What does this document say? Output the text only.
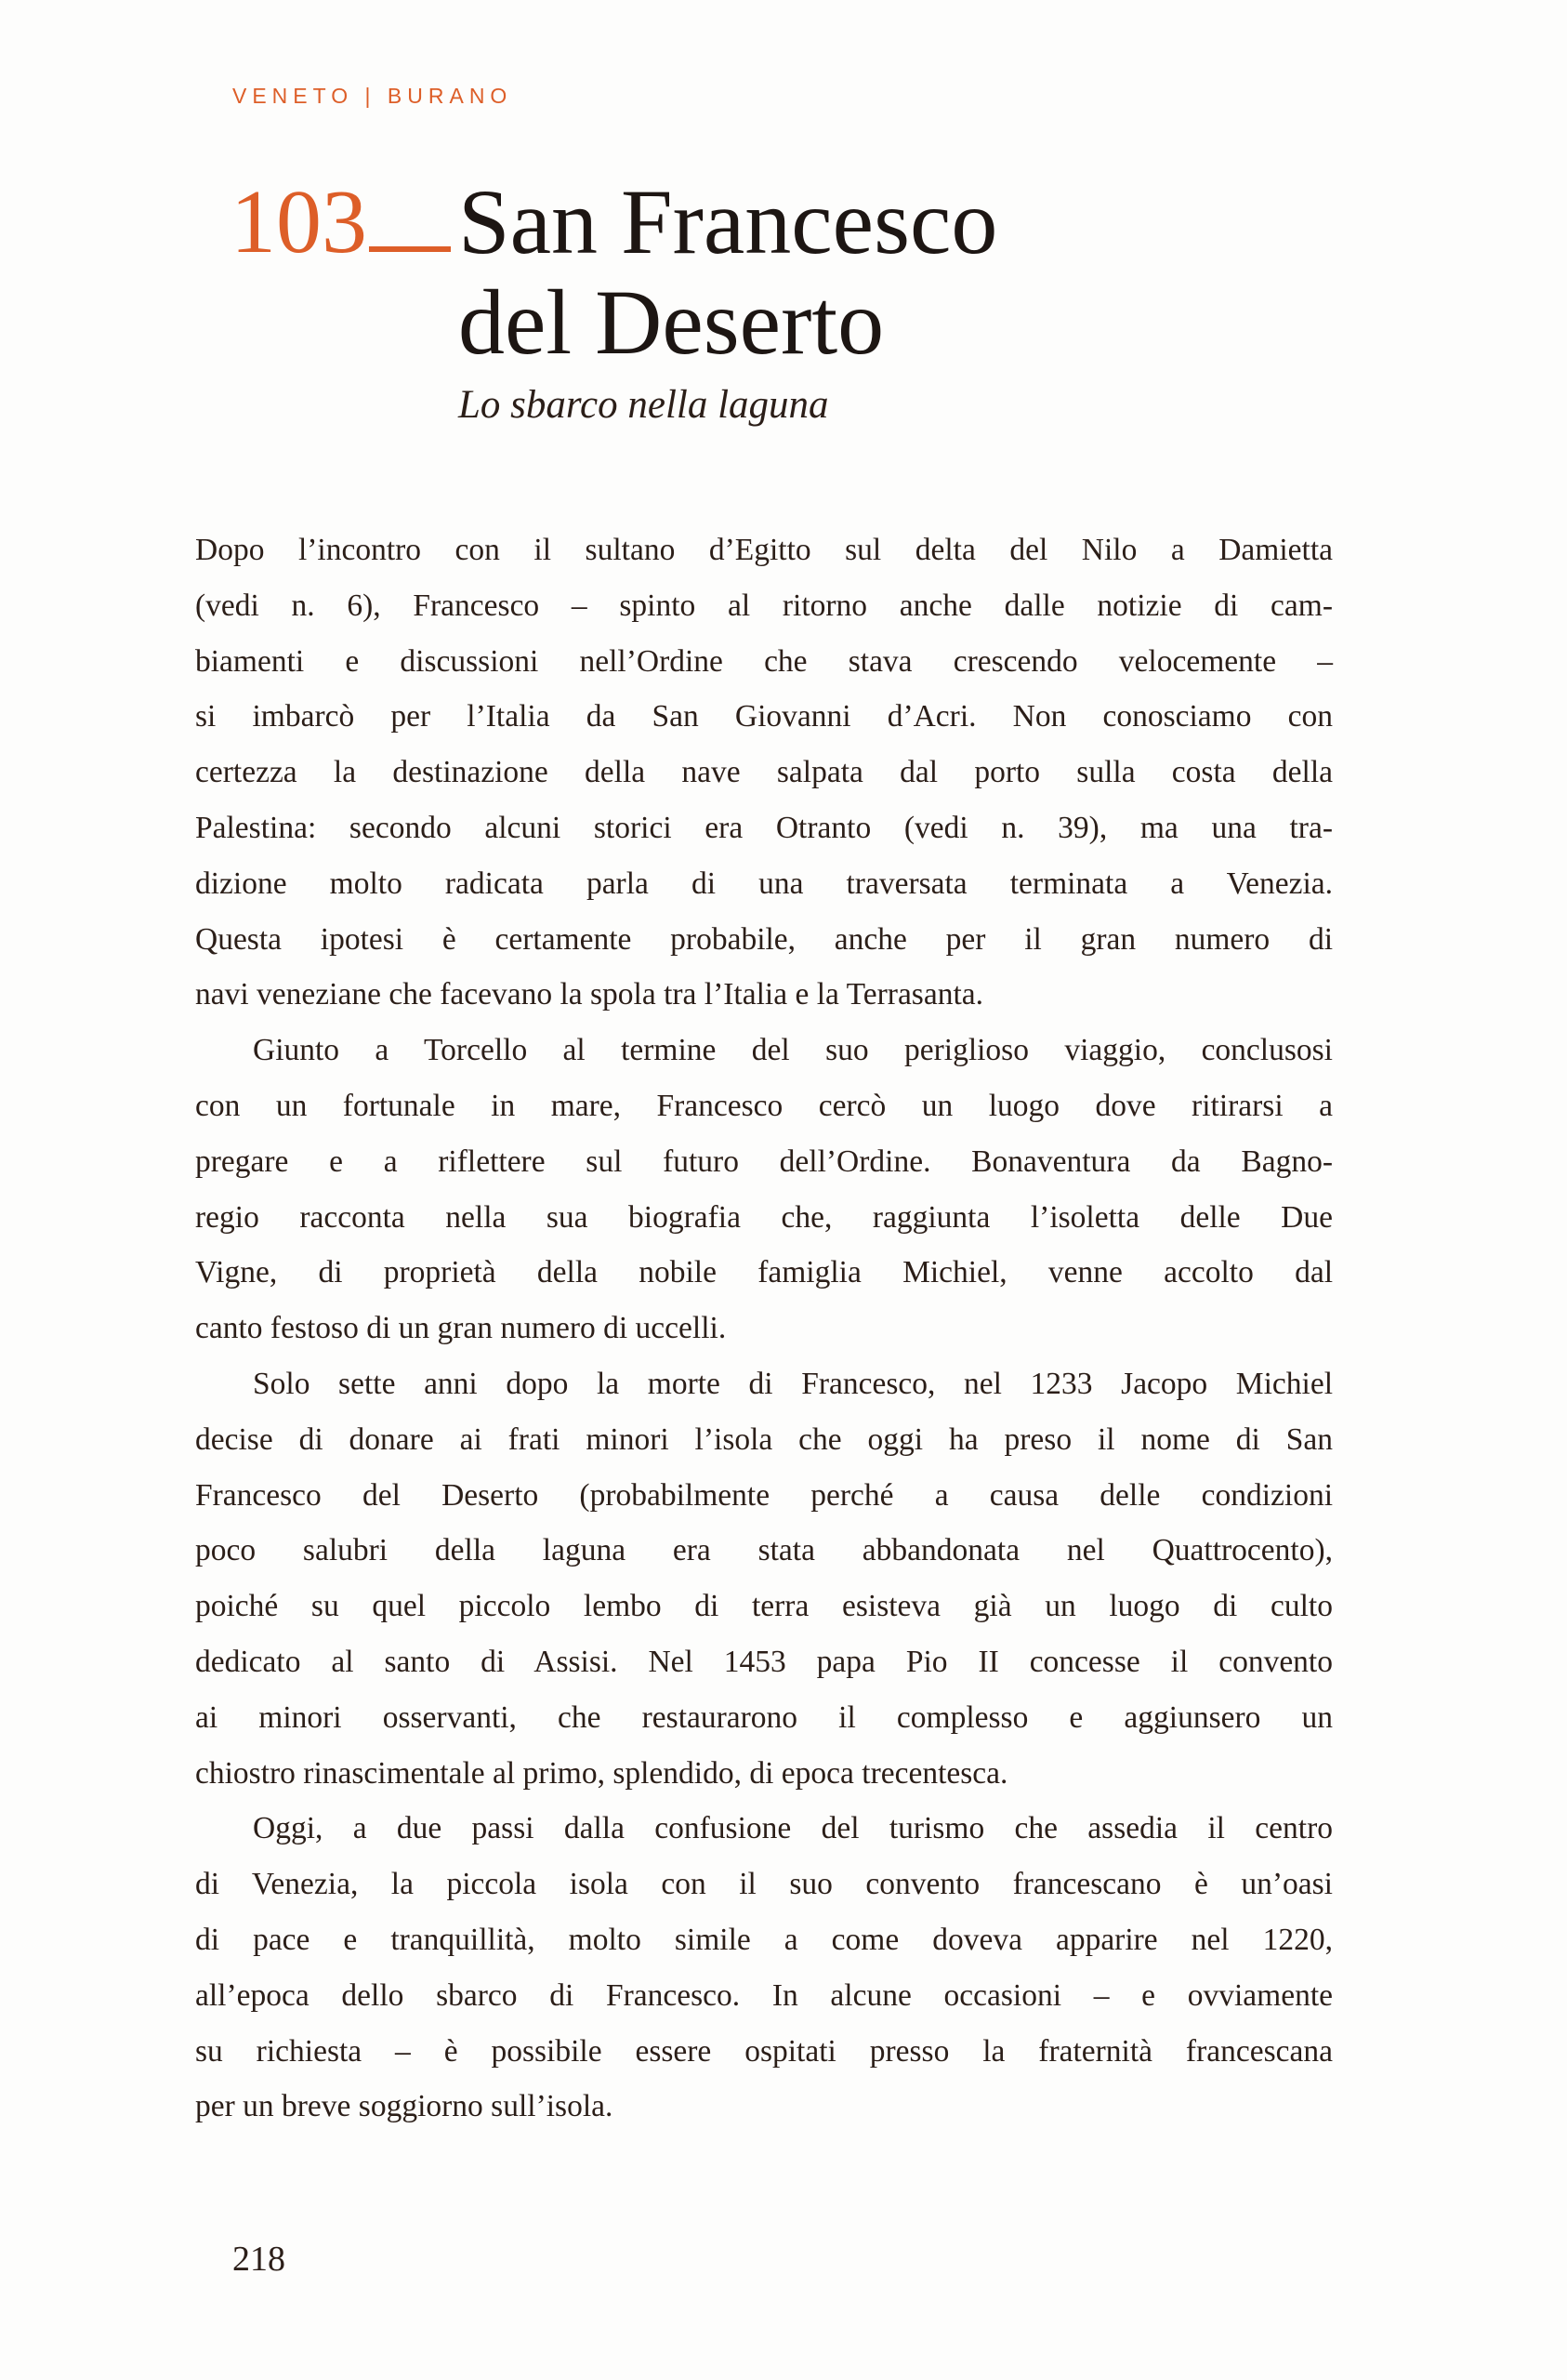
VENETO | BURANO
103 San Francesco
del Deserto
Lo sbarco nella laguna
Dopo l’incontro con il sultano d’Egitto sul delta del Nilo a Damietta
(vedi n. 6), Francesco – spinto al ritorno anche dalle notizie di cam-
biamenti e discussioni nell’Ordine che stava crescendo velocemente –
si imbarcò per l’Italia da San Giovanni d’Acri. Non conosciamo con
certezza la destinazione della nave salpata dal porto sulla costa della
Palestina: secondo alcuni storici era Otranto (vedi n. 39), ma una tra-
dizione molto radicata parla di una traversata terminata a Venezia.
Questa ipotesi è certamente probabile, anche per il gran numero di
navi veneziane che facevano la spola tra l’Italia e la Terrasanta.
Giunto a Torcello al termine del suo periglioso viaggio, conclusosi
con un fortunale in mare, Francesco cercò un luogo dove ritirarsi a
pregare e a riflettere sul futuro dell’Ordine. Bonaventura da Bagno-
regio racconta nella sua biografia che, raggiunta l’isoletta delle Due
Vigne, di proprietà della nobile famiglia Michiel, venne accolto dal
canto festoso di un gran numero di uccelli.
Solo sette anni dopo la morte di Francesco, nel 1233 Jacopo Michiel
decise di donare ai frati minori l’isola che oggi ha preso il nome di San
Francesco del Deserto (probabilmente perché a causa delle condizioni
poco salubri della laguna era stata abbandonata nel Quattrocento),
poiché su quel piccolo lembo di terra esisteva già un luogo di culto
dedicato al santo di Assisi. Nel 1453 papa Pio II concesse il convento
ai minori osservanti, che restaurarono il complesso e aggiunsero un
chiostro rinascimentale al primo, splendido, di epoca trecentesca.
Oggi, a due passi dalla confusione del turismo che assedia il centro
di Venezia, la piccola isola con il suo convento francescano è un’oasi
di pace e tranquillità, molto simile a come doveva apparire nel 1220,
all’epoca dello sbarco di Francesco. In alcune occasioni – e ovviamente
su richiesta – è possibile essere ospitati presso la fraternità francescana
per un breve soggiorno sull’isola.
218
